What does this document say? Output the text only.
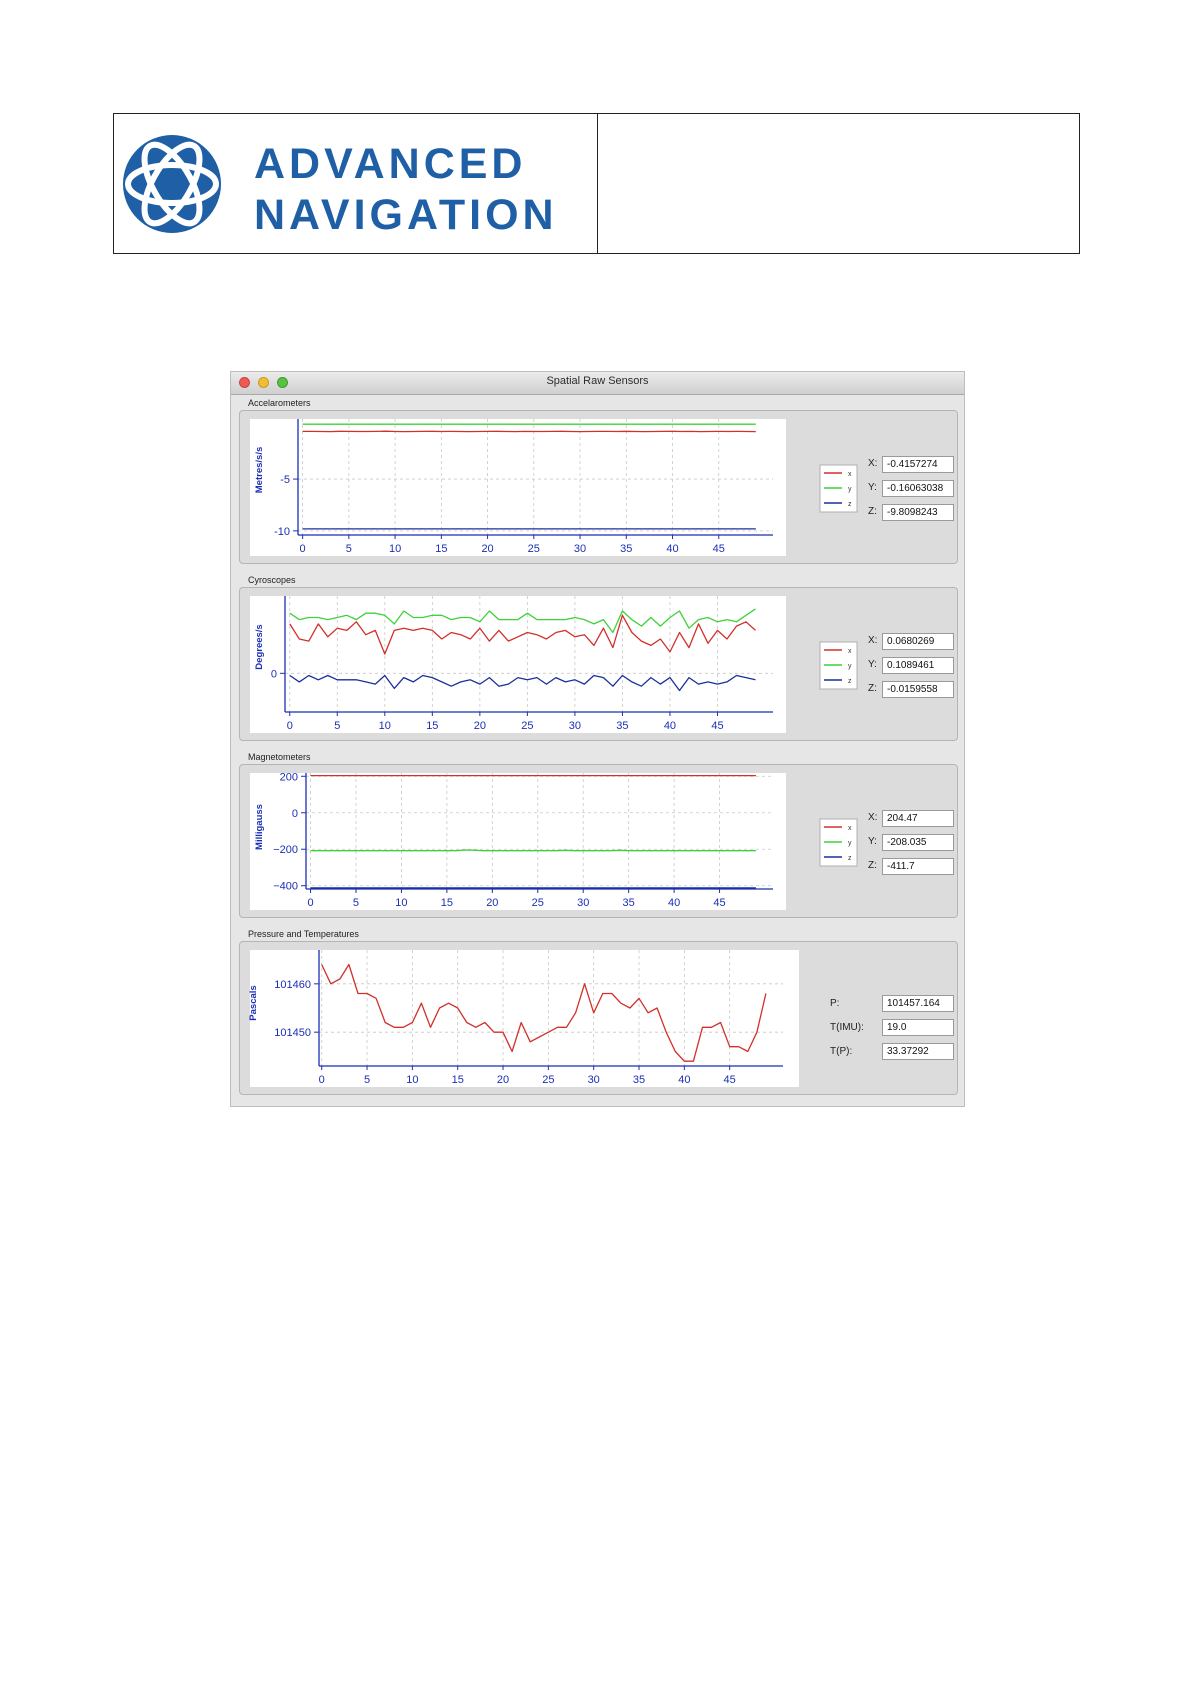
ADVANCED
NAVIGATION
Spatial Raw Sensors
Accelarometers
Metres/s/s	x
y
z
0	5	10	15	20	25	30	35	40	45
-5
-10
X: -0.4157274
Y:	-0.16063038
Z:	-9.8098243
Cyroscopes
Degrees/s	x
y
z
0	5	10	15	20	25	30	35	40	45
0
X: 0.0680269
Y:	0.1089461
Z:	-0.0159558
Magnetometers
Milligauss	x
y
z
0	5	10	15	20	25	30	35	40	45
200
0
−200
−400
X: 204.47
Y:	-208.035
Z:	-411.7
Pressure and Temperatures
Pascals
0	5	10	15	20	25	30	35	40	45
101460
101450
P:	101457.164
T(IMU):	19.0
T(P):	33.37292
